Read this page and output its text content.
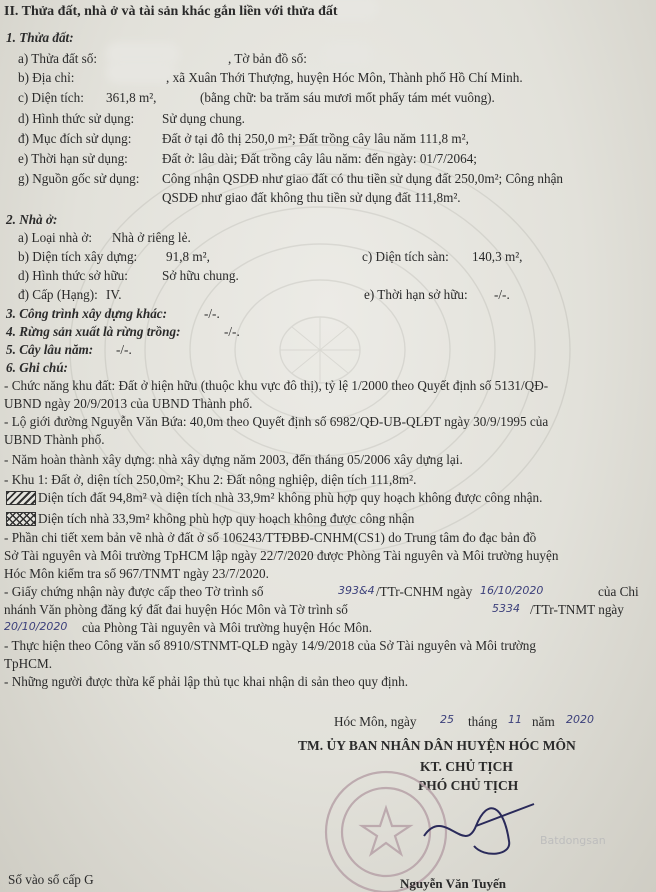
II. Thửa đất, nhà ở và tài sản khác gắn liền với thửa đất
1. Thửa đất:
a) Thửa đất số:	, Tờ bản đồ số:
b) Địa chỉ:	, xã Xuân Thới Thượng, huyện Hóc Môn, Thành phố Hồ Chí Minh.
c) Diện tích: 361,8 m²,	(bằng chữ: ba trăm sáu mươi mốt phẩy tám mét vuông).
d) Hình thức sử dụng: Sử dụng chung.
đ) Mục đích sử dụng: Đất ở tại đô thị 250,0 m²; Đất trồng cây lâu năm 111,8 m²,
e) Thời hạn sử dụng:	Đất ở: lâu dài; Đất trồng cây lâu năm: đến ngày: 01/7/2064;
g) Nguồn gốc sử dụng: Công nhận QSDĐ như giao đất có thu tiền sử dụng đất 250,0m²; Công nhận
QSDĐ như giao đất không thu tiền sử dụng đất 111,8m².
2. Nhà ở:
a) Loại nhà ở: Nhà ở riêng lẻ.
b) Diện tích xây dựng: 91,8 m²,	c) Diện tích sàn: 140,3 m²,
d) Hình thức sở hữu:	Sở hữu chung.
đ) Cấp (Hạng): IV.	e) Thời hạn sở hữu: -/-.
3. Công trình xây dựng khác:	-/-.
4. Rừng sản xuất là rừng trồng:	-/-.
5. Cây lâu năm: -/-.
6. Ghi chú:
- Chức năng khu đất: Đất ở hiện hữu (thuộc khu vực đô thị), tỷ lệ 1/2000 theo Quyết định số 5131/QĐ-
UBND ngày 20/9/2013 của UBND Thành phố.
- Lộ giới đường Nguyễn Văn Bứa: 40,0m theo Quyết định số 6982/QĐ-UB-QLĐT ngày 30/9/1995 của
UBND Thành phố.
- Năm hoàn thành xây dựng: nhà xây dựng năm 2003, đến tháng 05/2006 xây dựng lại.
- Khu 1: Đất ở, diện tích 250,0m²; Khu 2: Đất nông nghiệp, diện tích 111,8m².
Diện tích đất 94,8m² và diện tích nhà 33,9m² không phù hợp quy hoạch không được công nhận.
Diện tích nhà 33,9m² không phù hợp quy hoạch không được công nhận
- Phần chi tiết xem bản vẽ nhà ở đất ở số 106243/TTĐBĐ-CNHM(CS1) do Trung tâm đo đạc bản đồ
Sở Tài nguyên và Môi trường TpHCM lập ngày 22/7/2020 được Phòng Tài nguyên và Môi trường huyện
Hóc Môn kiểm tra số 967/TNMT ngày 23/7/2020.
- Giấy chứng nhận này được cấp theo Tờ trình số	393&4 /TTr-CNHM ngày 16/10/2020	của Chi
nhánh Văn phòng đăng ký đất đai huyện Hóc Môn và Tờ trình số	5334 /TTr-TNMT ngày
20/10/2020 của Phòng Tài nguyên và Môi trường huyện Hóc Môn.
- Thực hiện theo Công văn số 8910/STNMT-QLĐ ngày 14/9/2018 của Sở Tài nguyên và Môi trường
TpHCM.
- Những người được thừa kế phải lập thủ tục khai nhận di sản theo quy định.
Hóc Môn, ngày 25 tháng 11 năm 2020
TM. ỦY BAN NHÂN DÂN HUYỆN HÓC MÔN
KT. CHỦ TỊCH
PHÓ CHỦ TỊCH
Nguyễn Văn Tuyến
Số vào sổ cấp G
Batdongsan
